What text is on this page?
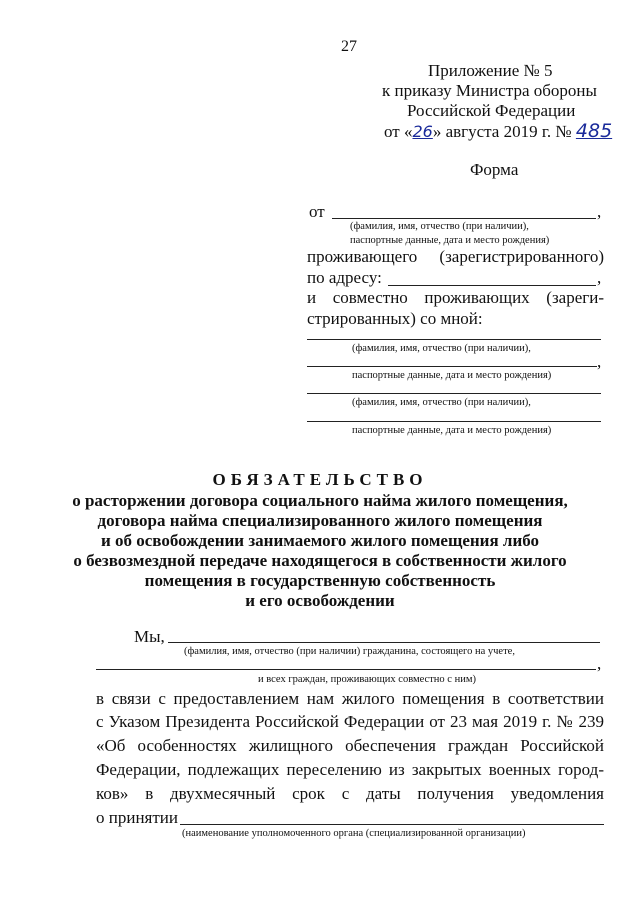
27
Приложение № 5
к приказу Министра обороны
Российской Федерации
от «26» августа 2019 г. № 485
Форма
от	,
(фамилия, имя, отчество (при наличии),
паспортные данные, дата и место рождения)
проживающего (зарегистрированного)
по адресу:	,
и совместно проживающих (зареги-
стрированных) со мной:
(фамилия, имя, отчество (при наличии),
,
паспортные данные, дата и место рождения)
(фамилия, имя, отчество (при наличии),
паспортные данные, дата и место рождения)
ОБЯЗАТЕЛЬСТВО
о расторжении договора социального найма жилого помещения,
договора найма специализированного жилого помещения
и об освобождении занимаемого жилого помещения либо
о безвозмездной передаче находящегося в собственности жилого
помещения в государственную собственность
и его освобождении
Мы,
(фамилия, имя, отчество (при наличии) гражданина, состоящего на учете,
,
и всех граждан, проживающих совместно с ним)
в связи с предоставлением нам жилого помещения в соответствии
с Указом Президента Российской Федерации от 23 мая 2019 г. № 239
«Об особенностях жилищного обеспечения граждан Российской
Федерации, подлежащих переселению из закрытых военных город-
ков» в двухмесячный срок с даты получения уведомления
о принятии
(наименование уполномоченного органа (специализированной организации)
